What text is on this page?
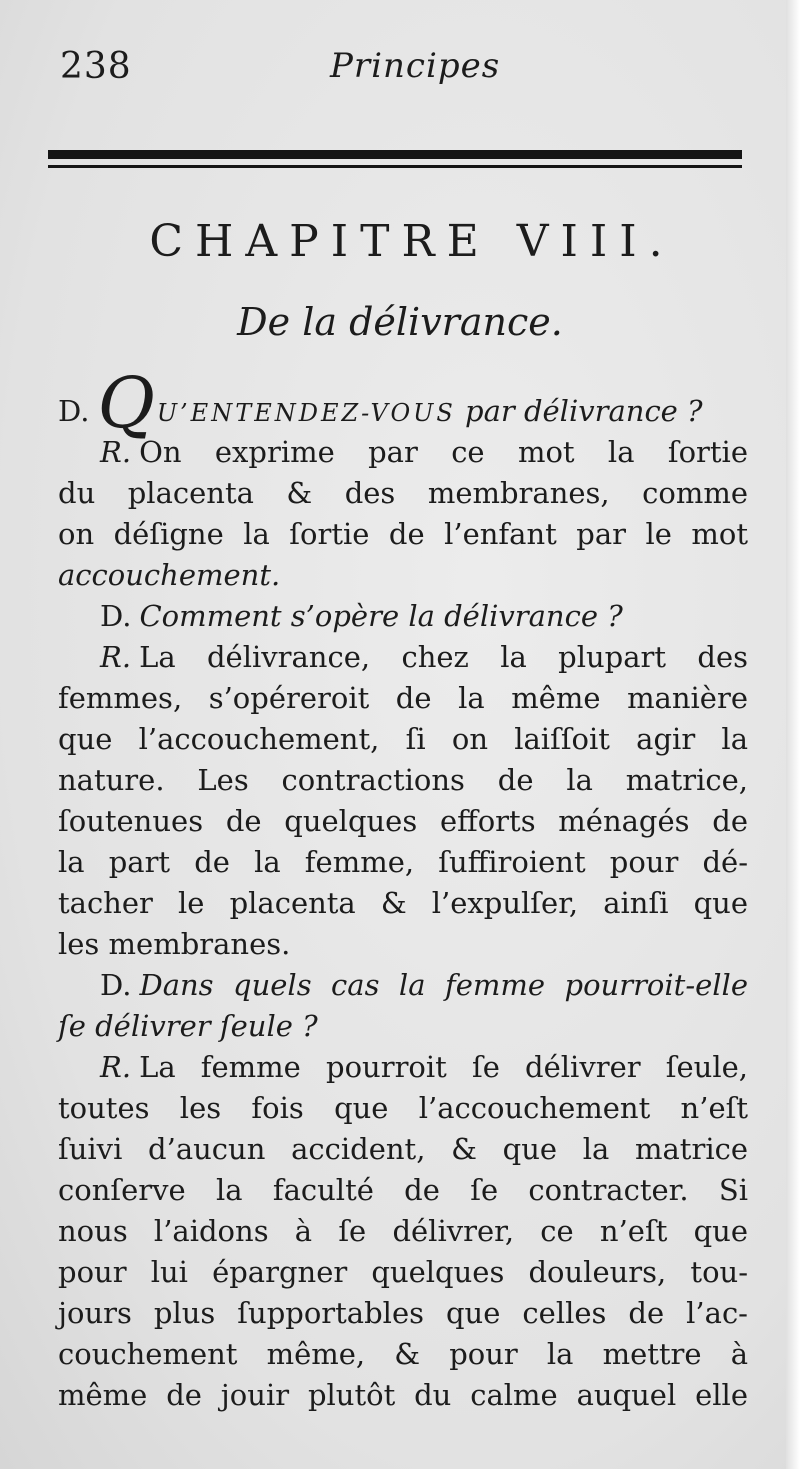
238	Principes
CHAPITRE VIII.
De la délivrance.
D. QU’ENTENDEZ-VOUS par délivrance ?
R. On exprime par ce mot la ſortie
du placenta & des membranes, comme
on déſigne la ſortie de l’enfant par le mot
accouchement.
D. Comment s’opère la délivrance ?
R. La délivrance, chez la plupart des
femmes, s’opéreroit de la même manière
que l’accouchement, ſi on laiſſoit agir la
nature. Les contractions de la matrice,
ſoutenues de quelques efforts ménagés de
la part de la femme, ſuffiroient pour dé-
tacher le placenta & l’expulſer, ainſi que
les membranes.
D. Dans quels cas la femme pourroit-elle
ſe délivrer ſeule ?
R. La femme pourroit ſe délivrer ſeule,
toutes les fois que l’accouchement n’eſt
ſuivi d’aucun accident, & que la matrice
conſerve la faculté de ſe contracter. Si
nous l’aidons à ſe délivrer, ce n’eſt que
pour lui épargner quelques douleurs, tou-
jours plus ſupportables que celles de l’ac-
couchement même, & pour la mettre à
même de jouir plutôt du calme auquel elle
